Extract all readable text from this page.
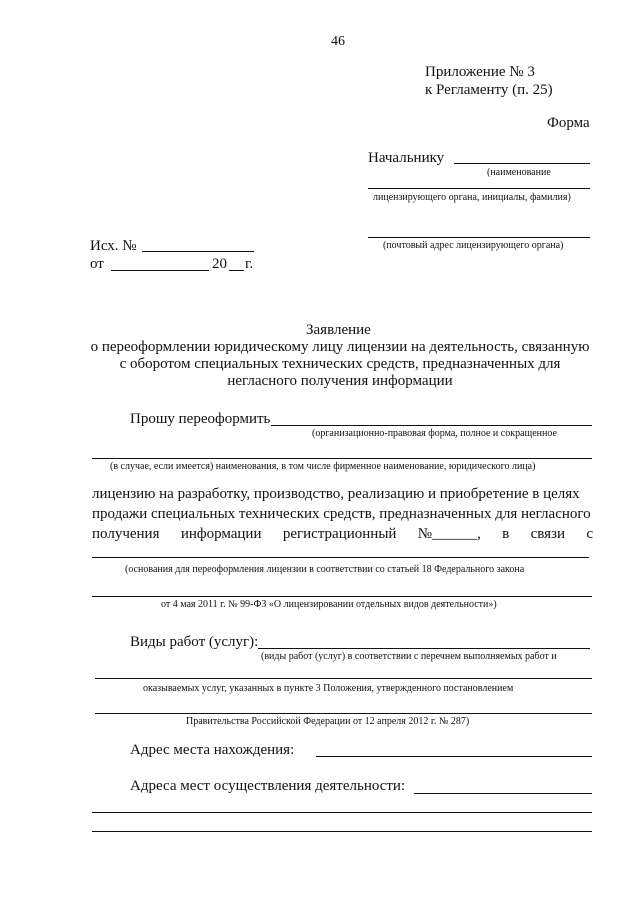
46
Приложение № 3
к Регламенту (п. 25)
Форма
Начальнику
(наименование
лицензирующего органа, инициалы, фамилия)
Исх. №
от	20 г.
(почтовый адрес лицензирующего органа)
Заявление
о переоформлении юридическому лицу лицензии на деятельность, связанную
с оборотом специальных технических средств, предназначенных для
негласного получения информации
Прошу переоформить
(организационно-правовая форма, полное и сокращенное
(в случае, если имеется) наименования, в том числе фирменное наименование, юридического лица)
лицензию на разработку, производство, реализацию и приобретение в целях
продажи специальных технических средств, предназначенных для негласного
получения информации регистрационный №______, в связи с
(основания для переоформления лицензии в соответствии со статьей 18 Федерального закона
от 4 мая 2011 г. № 99-ФЗ «О лицензировании отдельных видов деятельности»)
Виды работ (услуг):
(виды работ (услуг) в соответствии с перечнем выполняемых работ и
оказываемых услуг, указанных в пункте 3 Положения, утвержденного постановлением
Правительства Российской Федерации от 12 апреля 2012 г. № 287)
Адрес места нахождения:
Адреса мест осуществления деятельности:
